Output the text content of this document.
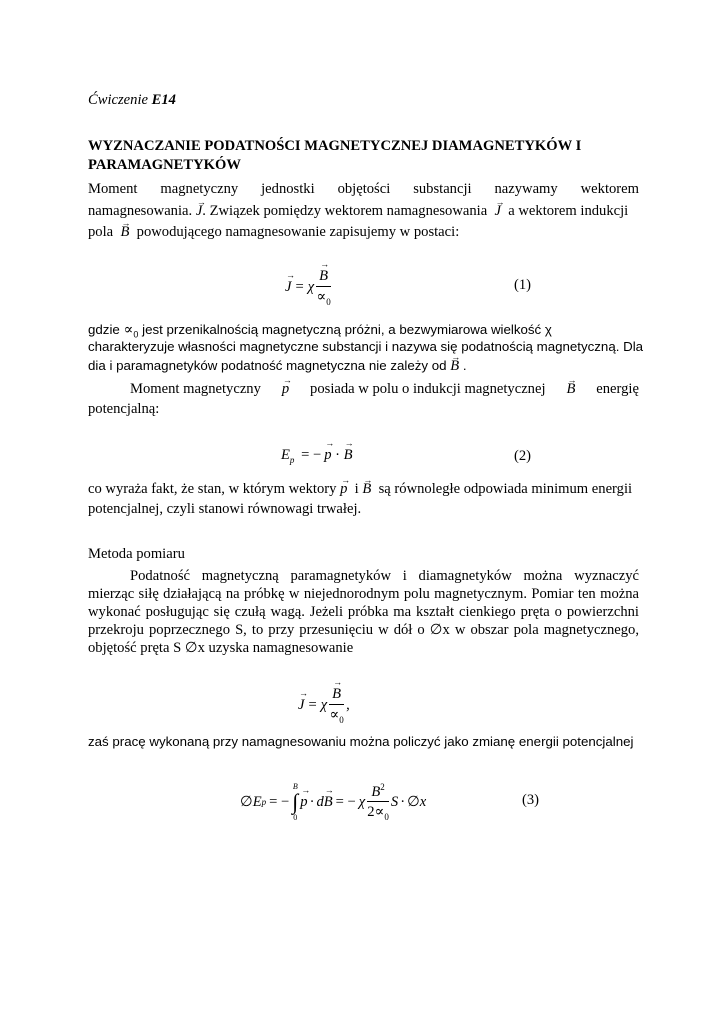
Ćwiczenie E14
WYZNACZANIE PODATNOŚCI MAGNETYCZNEJ DIAMAGNETYKÓW I
PARAMAGNETYKÓW
Moment magnetyczny jednostki objętości substancji nazywamy wektorem
namagnesowania. → J. Związek pomiędzy wektorem namagnesowania  → J a wektorem indukcji
pola  → B powodującego namagnesowanie zapisujemy w postaci:
→ J = χ
→ $\frac{B}{\propto_0}$	(1)
gdzie $\propto_0$ jest przenikalnością magnetyczną próżni, a bezwymiarowa wielkość χ
charakteryzuje własności magnetyczne substancji i nazywa się podatnością magnetyczną. Dla
dia i paramagnetyków podatność magnetyczna nie zależy od → B .
Moment magnetyczny
→ p posiada w polu o indukcji magnetycznej
→ B energię
potencjalną:
$E_p$ = −→ p · → B	(2)
co wyraża fakt, że stan, w którym wektory → p i → B są równoległe odpowiada minimum energii
potencjalnej, czyli stanowi równowagi trwałej.
Metoda pomiaru
Podatność magnetyczną paramagnetyków i diamagnetyków można wyznaczyć
mierząc siłę działającą na próbkę w niejednorodnym polu magnetycznym. Pomiar ten można
wykonać posługując się czułą wagą. Jeżeli próbka ma kształt cienkiego pręta o powierzchni
przekroju poprzecznego S, to przy przesunięciu w dół o ∅x w obszar pola magnetycznego,
objętość pręta S ∅x uzyska namagnesowanie
→ J = χ
→ $\frac{B}{\propto_0}$ ,
zaś pracę wykonaną przy namagnesowaniu można policzyć jako zmianę energii potencjalnej
∅ E p = −
B
∫
0
→ p · d
→ B = − χ $\frac{B^2}{2\propto_0}$ S · ∅ x	(3)
